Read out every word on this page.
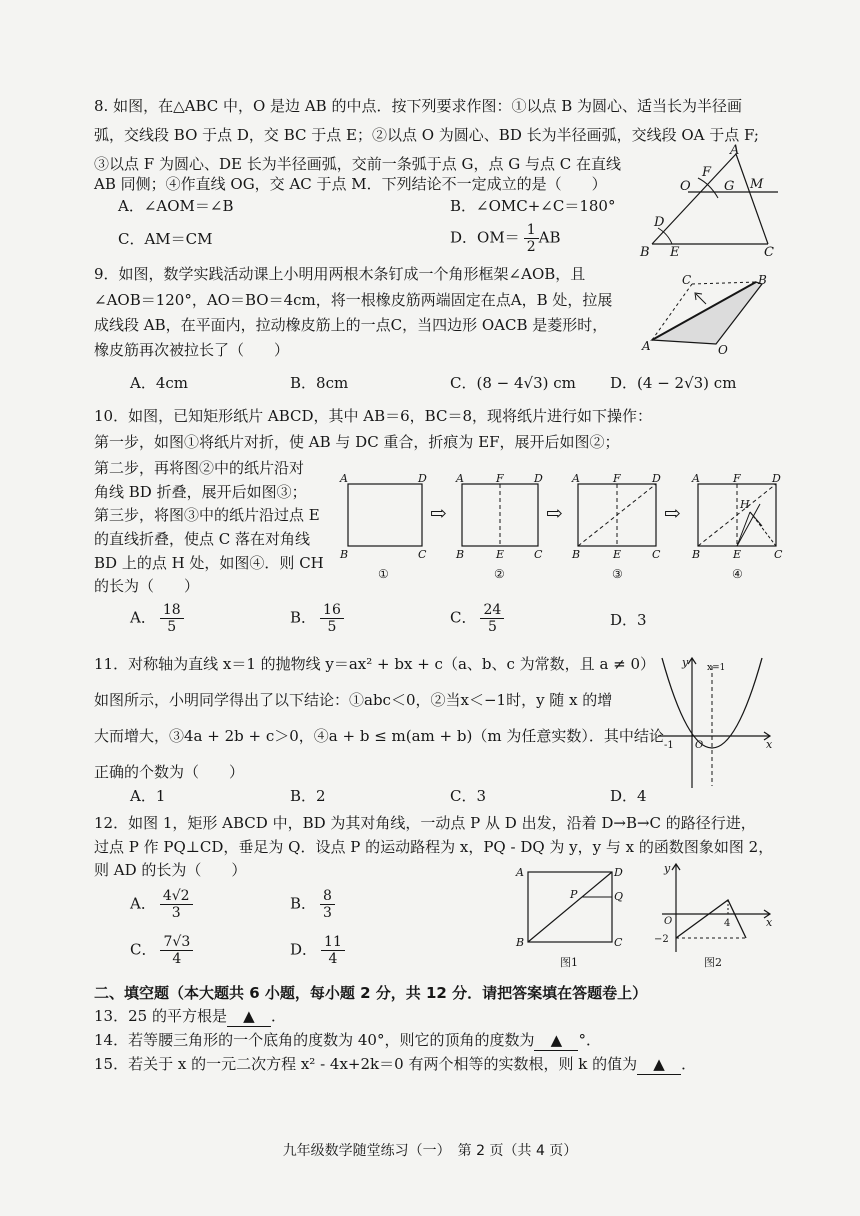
8. 如图，在△ABC 中，O 是边 AB 的中点．按下列要求作图：①以点 B 为圆心、适当长为半径画
弧，交线段 BO 于点 D，交 BC 于点 E；②以点 O 为圆心、BD 长为半径画弧，交线段 OA 于点 F;
③以点 F 为圆心、DE 长为半径画弧，交前一条弧于点 G，点 G 与点 C 在直线
AB 同侧；④作直线 OG，交 AC 于点 M．下列结论不一定成立的是（　　）
A．∠AOM＝∠B	B．∠OMC+∠C＝180°
C．AM＝CM	D．$OM= \frac{1}{2}$ AB
A
B	C
O
F
G M
D
E
9．如图，数学实践活动课上小明用两根木条钉成一个角形框架∠AOB，且
∠AOB＝120°，AO＝BO＝4cm，将一根橡皮筋两端固定在点A，B 处，拉展
成线段 AB，在平面内，拉动橡皮筋上的一点C，当四边形 OACB 是菱形时，
橡皮筋再次被拉长了（　　）
A．4cm	B．8cm	C．(8 − 4√3) cm D．(4 − 2√3) cm
A
B
C
O
10．如图，已知矩形纸片 ABCD，其中 AB＝6，BC＝8，现将纸片进行如下操作：
第一步，如图①将纸片对折，使 AB 与 DC 重合，折痕为 EF，展开后如图②；
第二步，再将图②中的纸片沿对
角线 BD 折叠，展开后如图③；
第三步，将图③中的纸片沿过点 E
的直线折叠，使点 C 落在对角线
BD 上的点 H 处，如图④．则 CH
的长为（　　）
A	D
B	C
①
⇨
A	F	D
B	E	C
②
⇨
A	F	D
B	E	C
③
⇨
A	F	D
H
B	E	C
④
A． $\frac{18}{5}$	B． $\frac{16}{5}$	C． $\frac{24}{5}$	D．3
11．对称轴为直线 x＝1 的抛物线 y＝ax² + bx + c（a、b、c 为常数，且 a ≠ 0）
如图所示，小明同学得出了以下结论：①abc＜0，②当x＜−1时，y 随 x 的增
大而增大，③4a + 2b + c＞0，④a + b ≤ m(am + b)（m 为任意实数）．其中结论
正确的个数为（　　）
A．1	B．2	C．3	D．4
y
x
x=1
-1 O
12．如图 1，矩形 ABCD 中，BD 为其对角线，一动点 P 从 D 出发，沿着 D→B→C 的路径行进，
过点 P 作 PQ⊥CD，垂足为 Q．设点 P 的运动路程为 x，PQ - DQ 为 y，y 与 x 的函数图象如图 2，
则 AD 的长为（　　）
A． $\frac{4√2}{3}$	B． $\frac{8}{3}$
C． $\frac{7√3}{4}$	D． $\frac{11}{4}$
A	D
B	C
P	Q
图1
y
x
O	4
−2
图2
二、填空题（本大题共 6 小题，每小题 2 分，共 12 分．请把答案填在答题卷上）
13．25 的平方根是 ▲ ．
14．若等腰三角形的一个底角的度数为 40°，则它的顶角的度数为 ▲ °．
15．若关于 x 的一元二次方程 x² - 4x+2k＝0 有两个相等的实数根，则 k 的值为 ▲ ．
九年级数学随堂练习（一）　第 2 页（共 4 页）
